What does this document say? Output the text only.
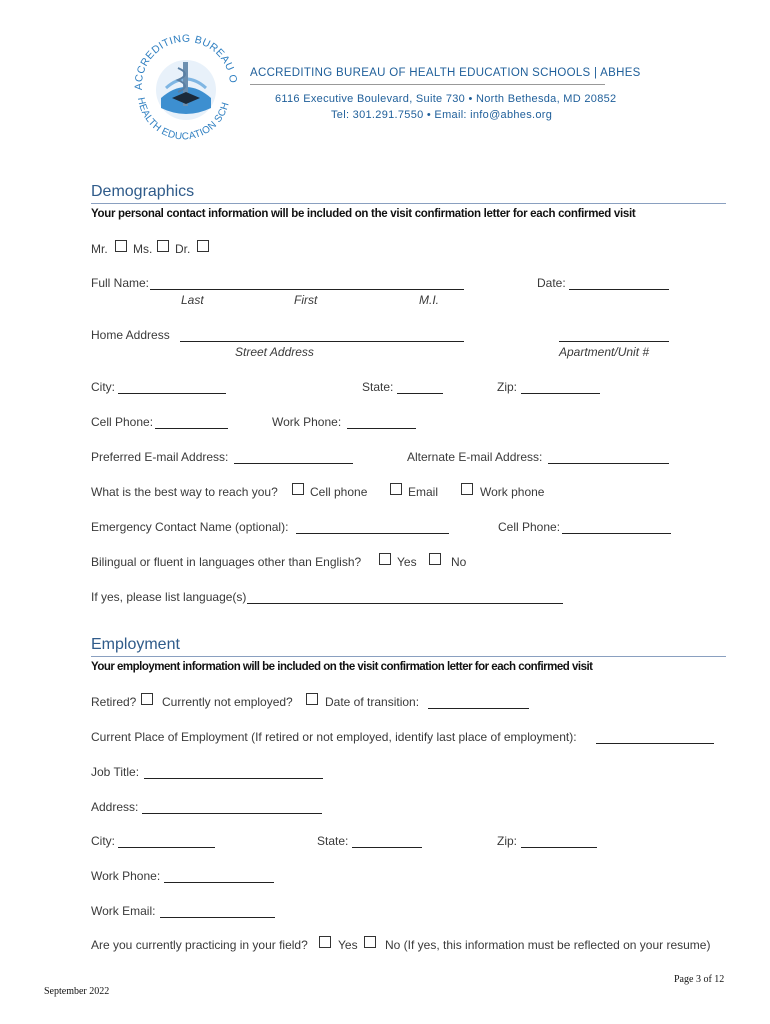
ACCREDITING BUREAU O
HEALTH EDUCATION SCH
ACCREDITING BUREAU OF HEALTH EDUCATION SCHOOLS | ABHES
6116 Executive Boulevard, Suite 730 • North Bethesda, MD 20852
Tel: 301.291.7550 • Email: info@abhes.org
Demographics
Your personal contact information will be included on the visit confirmation letter for each confirmed visit
Mr. Ms. Dr.
Full Name:	Date:
Last	First	M.I.
Home Address
Street Address	Apartment/Unit #
City:	State:	Zip:
Cell Phone:	Work Phone:
Preferred E-mail Address:	Alternate E-mail Address:
What is the best way to reach you?	Cell phone	Email	Work phone
Emergency Contact Name (optional):	Cell Phone:
Bilingual or fluent in languages other than English?	Yes	No
If yes, please list language(s)
Employment
Your employment information will be included on the visit confirmation letter for each confirmed visit
Retired? Currently not employed?	Date of transition:
Current Place of Employment (If retired or not employed, identify last place of employment):
Job Title:
Address:
City:	State:	Zip:
Work Phone:
Work Email:
Are you currently practicing in your field?	Yes No (If yes, this information must be reflected on your resume)
Page 3 of 12
September 2022
